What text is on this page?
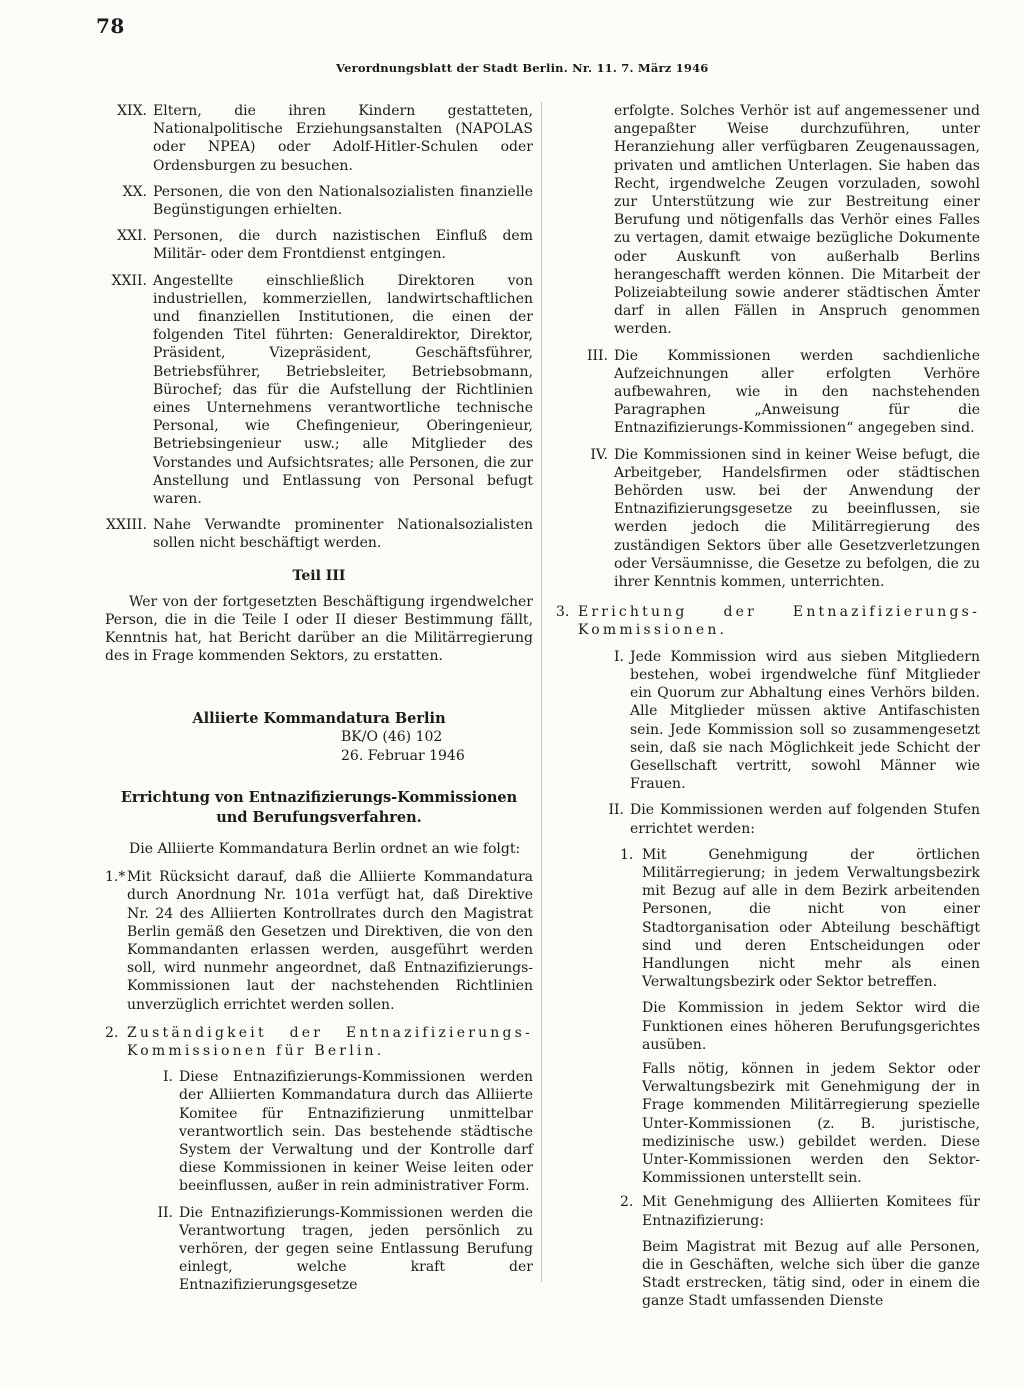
78
Verordnungsblatt der Stadt Berlin. Nr. 11. 7. März 1946
XIX. Eltern, die ihren Kindern gestatteten, Nationalpolitische Erziehungsanstalten (NAPOLAS oder NPEA) oder Adolf-Hitler-Schulen oder Ordensburgen zu besuchen.
XX. Personen, die von den Nationalsozialisten finanzielle Begünstigungen erhielten.
XXI. Personen, die durch nazistischen Einfluß dem Militär- oder dem Frontdienst entgingen.
XXII. Angestellte einschließlich Direktoren von industriellen, kommerziellen, landwirtschaftlichen und finanziellen Institutionen, die einen der folgenden Titel führten: Generaldirektor, Direktor, Präsident, Vizepräsident, Geschäftsführer, Betriebsführer, Betriebsleiter, Betriebsobmann, Bürochef; das für die Aufstellung der Richtlinien eines Unternehmens verantwortliche technische Personal, wie Chefingenieur, Oberingenieur, Betriebsingenieur usw.; alle Mitglieder des Vorstandes und Aufsichtsrates; alle Personen, die zur Anstellung und Entlassung von Personal befugt waren.
XXIII. Nahe Verwandte prominenter Nationalsozialisten sollen nicht beschäftigt werden.
Teil III

Wer von der fortgesetzten Beschäftigung irgendwelcher Person, die in die Teile I oder II dieser Bestimmung fällt, Kenntnis hat, hat Bericht darüber an die Militärregierung des in Frage kommenden Sektors, zu erstatten.

Alliierte Kommandatura Berlin
BK/O (46) 102
26. Februar 1946
Errichtung von Entnazifizierungs-Kommissionen und Berufungsverfahren.

Die Alliierte Kommandatura Berlin ordnet an wie folgt:

1.* Mit Rücksicht darauf, daß die Alliierte Kommandatura durch Anordnung Nr. 101a verfügt hat, daß Direktive Nr. 24 des Alliierten Kontrollrates durch den Magistrat Berlin gemäß den Gesetzen und Direktiven, die von den Kommandanten erlassen werden, ausgeführt werden soll, wird nunmehr angeordnet, daß Entnazifizierungs-Kommissionen laut der nachstehenden Richtlinien unverzüglich errichtet werden sollen.
2. Zuständigkeit der Entnazifizierungs-Kommissionen für Berlin.
I. Diese Entnazifizierungs-Kommissionen werden der Alliierten Kommandatura durch das Alliierte Komitee für Entnazifizierung unmittelbar verantwortlich sein. Das bestehende städtische System der Verwaltung und der Kontrolle darf diese Kommissionen in keiner Weise leiten oder beeinflussen, außer in rein administrativer Form.
II. Die Entnazifizierungs-Kommissionen werden die Verantwortung tragen, jeden persönlich zu verhören, der gegen seine Entlassung Berufung einlegt, welche kraft der Entnazifizierungsgesetze
erfolgte. Solches Verhör ist auf angemessener und angepaßter Weise durchzuführen, unter Heranziehung aller verfügbaren Zeugenaussagen, privaten und amtlichen Unterlagen. Sie haben das Recht, irgendwelche Zeugen vorzuladen, sowohl zur Unterstützung wie zur Bestreitung einer Berufung und nötigenfalls das Verhör eines Falles zu vertagen, damit etwaige bezügliche Dokumente oder Auskunft von außerhalb Berlins herangeschafft werden können. Die Mitarbeit der Polizeiabteilung sowie anderer städtischen Ämter darf in allen Fällen in Anspruch genommen werden.
III. Die Kommissionen werden sachdienliche Aufzeichnungen aller erfolgten Verhöre aufbewahren, wie in den nachstehenden Paragraphen „Anweisung für die Entnazifizierungs-Kommissionen“ angegeben sind.
IV. Die Kommissionen sind in keiner Weise befugt, die Arbeitgeber, Handelsfirmen oder städtischen Behörden usw. bei der Anwendung der Entnazifizierungsgesetze zu beeinflussen, sie werden jedoch die Militärregierung des zuständigen Sektors über alle Gesetzverletzungen oder Versäumnisse, die Gesetze zu befolgen, die zu ihrer Kenntnis kommen, unterrichten.
3. Errichtung der Entnazifizierungs-Kommissionen.
I. Jede Kommission wird aus sieben Mitgliedern bestehen, wobei irgendwelche fünf Mitglieder ein Quorum zur Abhaltung eines Verhörs bilden. Alle Mitglieder müssen aktive Antifaschisten sein. Jede Kommission soll so zusammengesetzt sein, daß sie nach Möglichkeit jede Schicht der Gesellschaft vertritt, sowohl Männer wie Frauen.
II. Die Kommissionen werden auf folgenden Stufen errichtet werden:
1. Mit Genehmigung der örtlichen Militärregierung; in jedem Verwaltungsbezirk mit Bezug auf alle in dem Bezirk arbeitenden Personen, die nicht von einer Stadtorganisation oder Abteilung beschäftigt sind und deren Entscheidungen oder Handlungen nicht mehr als einen Verwaltungsbezirk oder Sektor betreffen.

Die Kommission in jedem Sektor wird die Funktionen eines höheren Berufungsgerichtes ausüben.

Falls nötig, können in jedem Sektor oder Verwaltungsbezirk mit Genehmigung der in Frage kommenden Militärregierung spezielle Unter-Kommissionen (z. B. juristische, medizinische usw.) gebildet werden. Diese Unter-Kommissionen werden den Sektor-Kommissionen unterstellt sein.

2. Mit Genehmigung des Alliierten Komitees für Entnazifizierung:

Beim Magistrat mit Bezug auf alle Personen, die in Geschäften, welche sich über die ganze Stadt erstrecken, tätig sind, oder in einem die ganze Stadt umfassenden Dienste
